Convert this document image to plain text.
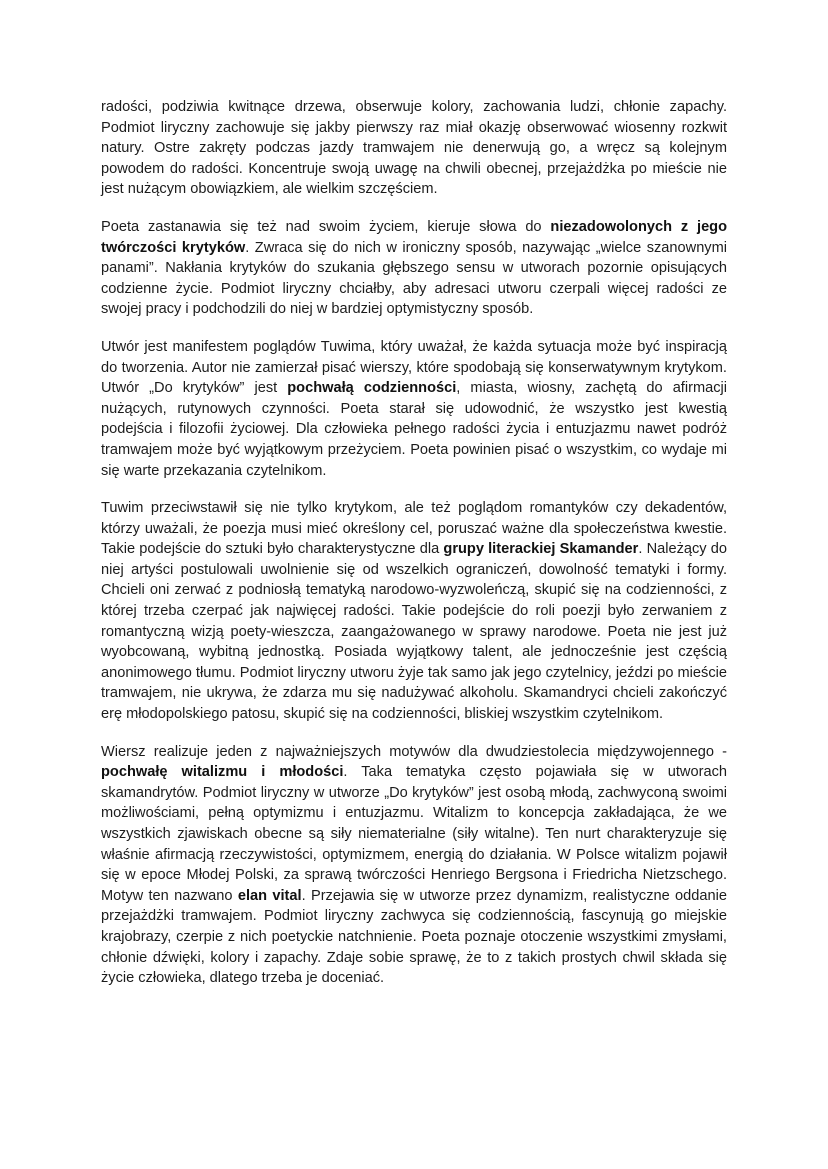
radości, podziwia kwitnące drzewa, obserwuje kolory, zachowania ludzi, chłonie zapachy. Podmiot liryczny zachowuje się jakby pierwszy raz miał okazję obserwować wiosenny rozkwit natury. Ostre zakręty podczas jazdy tramwajem nie denerwują go, a wręcz są kolejnym powodem do radości. Koncentruje swoją uwagę na chwili obecnej, przejażdżka po mieście nie jest nużącym obowiązkiem, ale wielkim szczęściem.

Poeta zastanawia się też nad swoim życiem, kieruje słowa do niezadowolonych z jego twórczości krytyków. Zwraca się do nich w ironiczny sposób, nazywając „wielce szanownymi panami”. Nakłania krytyków do szukania głębszego sensu w utworach pozornie opisujących codzienne życie. Podmiot liryczny chciałby, aby adresaci utworu czerpali więcej radości ze swojej pracy i podchodzili do niej w bardziej optymistyczny sposób.

Utwór jest manifestem poglądów Tuwima, który uważał, że każda sytuacja może być inspiracją do tworzenia. Autor nie zamierzał pisać wierszy, które spodobają się konserwatywnym krytykom. Utwór „Do krytyków” jest pochwałą codzienności, miasta, wiosny, zachętą do afirmacji nużących, rutynowych czynności. Poeta starał się udowodnić, że wszystko jest kwestią podejścia i filozofii życiowej. Dla człowieka pełnego radości życia i entuzjazmu nawet podróż tramwajem może być wyjątkowym przeżyciem. Poeta powinien pisać o wszystkim, co wydaje mi się warte przekazania czytelnikom.

Tuwim przeciwstawił się nie tylko krytykom, ale też poglądom romantyków czy dekadentów, którzy uważali, że poezja musi mieć określony cel, poruszać ważne dla społeczeństwa kwestie. Takie podejście do sztuki było charakterystyczne dla grupy literackiej Skamander. Należący do niej artyści postulowali uwolnienie się od wszelkich ograniczeń, dowolność tematyki i formy. Chcieli oni zerwać z podniosłą tematyką narodowo-wyzwoleńczą, skupić się na codzienności, z której trzeba czerpać jak najwięcej radości. Takie podejście do roli poezji było zerwaniem z romantyczną wizją poety-wieszcza, zaangażowanego w sprawy narodowe. Poeta nie jest już wyobcowaną, wybitną jednostką. Posiada wyjątkowy talent, ale jednocześnie jest częścią anonimowego tłumu. Podmiot liryczny utworu żyje tak samo jak jego czytelnicy, jeździ po mieście tramwajem, nie ukrywa, że zdarza mu się nadużywać alkoholu. Skamandryci chcieli zakończyć erę młodopolskiego patosu, skupić się na codzienności, bliskiej wszystkim czytelnikom.

Wiersz realizuje jeden z najważniejszych motywów dla dwudziestolecia międzywojennego - pochwałę witalizmu i młodości. Taka tematyka często pojawiała się w utworach skamandrytów. Podmiot liryczny w utworze „Do krytyków” jest osobą młodą, zachwyconą swoimi możliwościami, pełną optymizmu i entuzjazmu. Witalizm to koncepcja zakładająca, że we wszystkich zjawiskach obecne są siły niematerialne (siły witalne). Ten nurt charakteryzuje się właśnie afirmacją rzeczywistości, optymizmem, energią do działania. W Polsce witalizm pojawił się w epoce Młodej Polski, za sprawą twórczości Henriego Bergsona i Friedricha Nietzschego. Motyw ten nazwano elan vital. Przejawia się w utworze przez dynamizm, realistyczne oddanie przejażdżki tramwajem. Podmiot liryczny zachwyca się codziennością, fascynują go miejskie krajobrazy, czerpie z nich poetyckie natchnienie. Poeta poznaje otoczenie wszystkimi zmysłami, chłonie dźwięki, kolory i zapachy. Zdaje sobie sprawę, że to z takich prostych chwil składa się życie człowieka, dlatego trzeba je doceniać.
